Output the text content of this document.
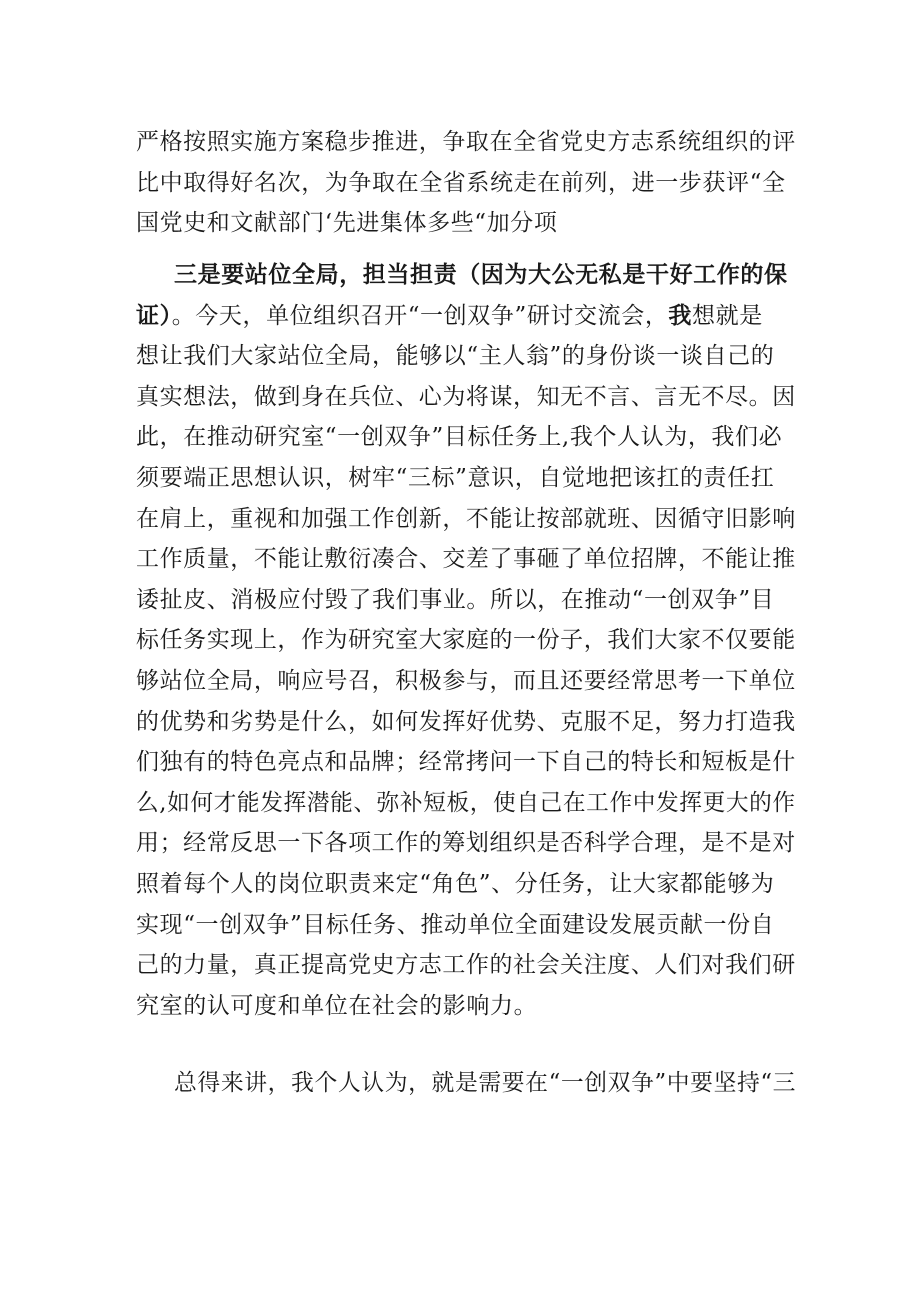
严格按照实施方案稳步推进，争取在全省党史方志系统组织的评
比中取得好名次，为争取在全省系统走在前列，进一步获评“全
国党史和文献部门‘先进集体多些“加分项
三是要站位全局，担当担责（因为大公无私是干好工作的保
证）。今天，单位组织召开“一创双争”研讨交流会，我想就是
想让我们大家站位全局，能够以“主人翁”的身份谈一谈自己的
真实想法，做到身在兵位、心为将谋，知无不言、言无不尽。因
此，在推动研究室“一创双争”目标任务上,我个人认为，我们必
须要端正思想认识，树牢“三标”意识，自觉地把该扛的责任扛
在肩上，重视和加强工作创新，不能让按部就班、因循守旧影响
工作质量，不能让敷衍凑合、交差了事砸了单位招牌，不能让推
诿扯皮、消极应付毁了我们事业。所以，在推动“一创双争”目
标任务实现上，作为研究室大家庭的一份子，我们大家不仅要能
够站位全局，响应号召，积极参与，而且还要经常思考一下单位
的优势和劣势是什么，如何发挥好优势、克服不足，努力打造我
们独有的特色亮点和品牌；经常拷问一下自己的特长和短板是什
么,如何才能发挥潜能、弥补短板，使自己在工作中发挥更大的作
用；经常反思一下各项工作的筹划组织是否科学合理，是不是对
照着每个人的岗位职责来定“角色”、分任务，让大家都能够为
实现“一创双争”目标任务、推动单位全面建设发展贡献一份自
己的力量，真正提高党史方志工作的社会关注度、人们对我们研
究室的认可度和单位在社会的影响力。
总得来讲，我个人认为，就是需要在“一创双争”中要坚持“三
